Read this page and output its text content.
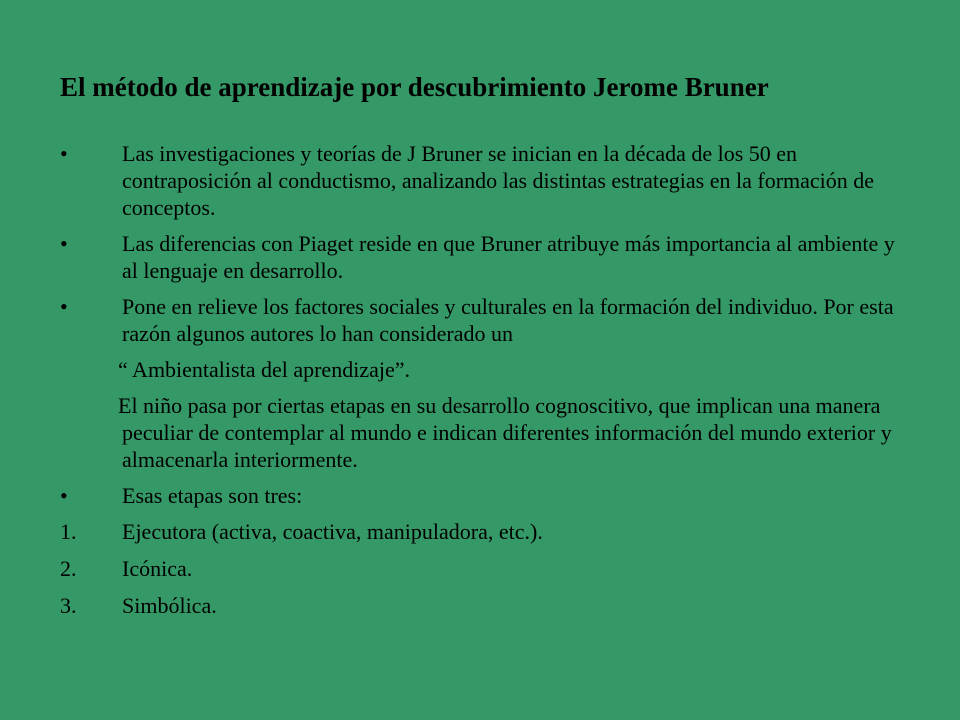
El método de aprendizaje por descubrimiento Jerome Bruner
•	Las investigaciones y teorías de J Bruner se inician en la década de los 50 en contraposición al conductismo, analizando las distintas estrategias en la formación de conceptos.
•	Las diferencias con Piaget reside en que Bruner atribuye más importancia al ambiente y al lenguaje en desarrollo.
•	Pone en relieve los factores sociales y culturales en la formación del individuo. Por esta razón algunos autores lo han considerado un
“ Ambientalista del aprendizaje”.
El niño pasa por ciertas etapas en su desarrollo cognoscitivo, que implican una manera peculiar de contemplar al mundo e indican diferentes información del mundo exterior y almacenarla interiormente.
•	Esas etapas son tres:
1.	Ejecutora (activa, coactiva, manipuladora, etc.).
2.	Icónica.
3.	Simbólica.
